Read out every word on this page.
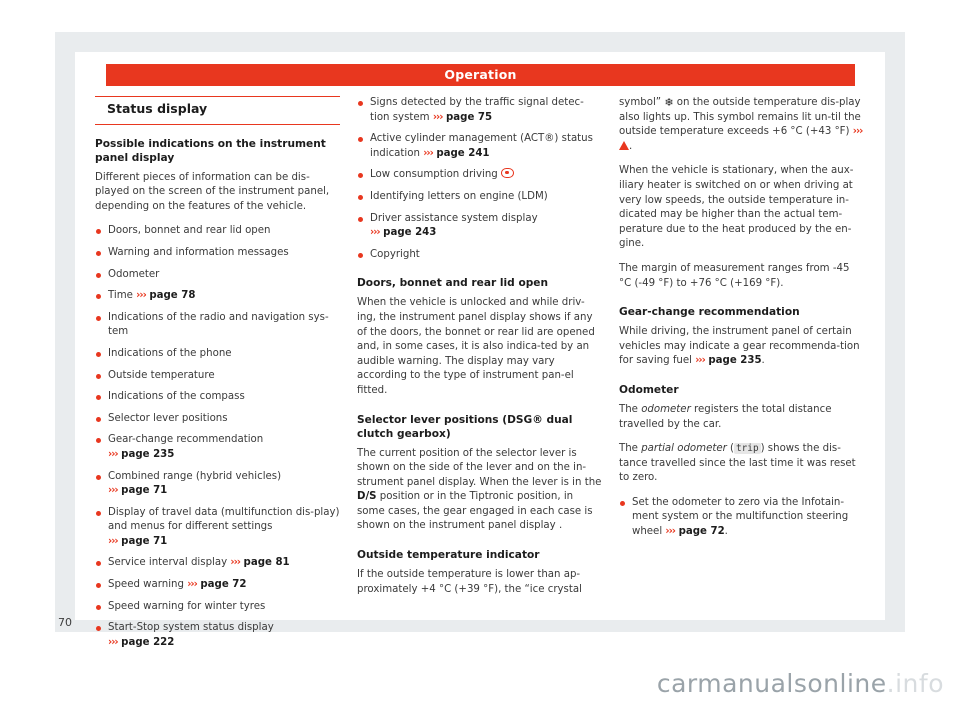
Operation
70
Status display
Possible indications on the instrument panel display

Different pieces of information can be dis-played on the screen of the instrument panel, depending on the features of the vehicle.

Doors, bonnet and rear lid open
Warning and information messages
Odometer
Time ››› page 78
Indications of the radio and navigation sys-tem
Indications of the phone
Outside temperature
Indications of the compass
Selector lever positions
Gear-change recommendation
››› page 235
Combined range (hybrid vehicles)
››› page 71
Display of travel data (multifunction dis-play) and menus for different settings
››› page 71
Service interval display ››› page 81
Speed warning ››› page 72
Speed warning for winter tyres
Start-Stop system status display
››› page 222
Signs detected by the traffic signal detec-tion system ››› page 75
Active cylinder management (ACT®) status indication ››› page 241
Low consumption driving
Identifying letters on engine (LDM)
Driver assistance system display
››› page 243
Copyright
Doors, bonnet and rear lid open

When the vehicle is unlocked and while driv-ing, the instrument panel display shows if any of the doors, the bonnet or rear lid are opened and, in some cases, it is also indica-ted by an audible warning. The display may vary according to the type of instrument pan-el fitted.

Selector lever positions (DSG® dual clutch gearbox)

The current position of the selector lever is shown on the side of the lever and on the in-strument panel display. When the lever is in the D/S position or in the Tiptronic position, in some cases, the gear engaged in each case is shown on the instrument panel display .

Outside temperature indicator

If the outside temperature is lower than ap-proximately +4 °C (+39 °F), the “ice crystal

symbol” ❄ on the outside temperature dis-play also lights up. This symbol remains lit un-til the outside temperature exceeds +6 °C (+43 °F) ››› .

When the vehicle is stationary, when the aux-iliary heater is switched on or when driving at very low speeds, the outside temperature in-dicated may be higher than the actual tem-perature due to the heat produced by the en-gine.

The margin of measurement ranges from -45 °C (-49 °F) to +76 °C (+169 °F).

Gear-change recommendation

While driving, the instrument panel of certain vehicles may indicate a gear recommenda-tion for saving fuel ››› page 235.

Odometer

The odometer registers the total distance travelled by the car.

The partial odometer ( trip ) shows the dis-tance travelled since the last time it was reset to zero.

Set the odometer to zero via the Infotain-ment system or the multifunction steering wheel ››› page 72.
carmanualsonline.info
